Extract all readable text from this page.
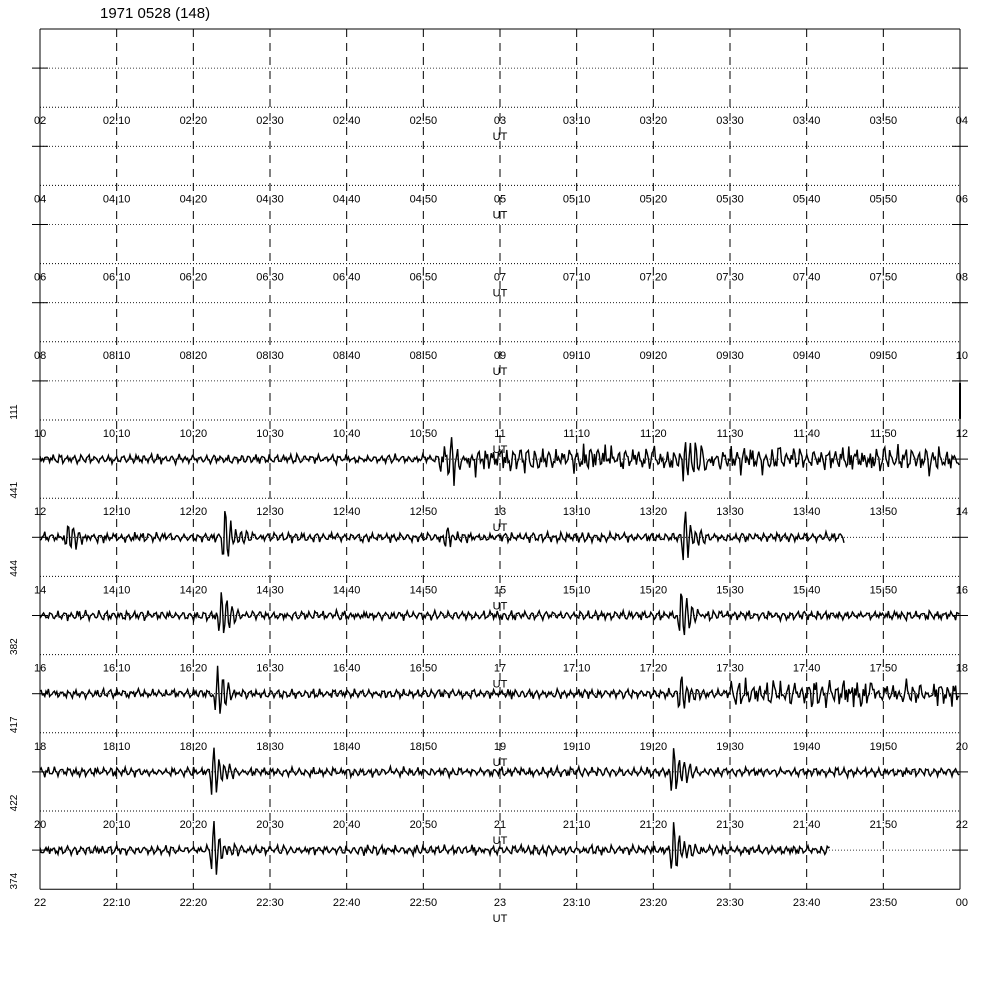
1971 0528 (148)
02	02:10	02:20	02:30	02:40	02:50	03	03:10	03:20	03:30	03:40	03:50	04
UT
04	04:10	04:20	04:30	04:40	04:50	05	05:10	05:20	05:30	05:40	05:50	06
UT
06	06:10	06:20	06:30	06:40	06:50	07	07:10	07:20	07:30	07:40	07:50	08
UT
08	08:10	08:20	08:30	08:40	08:50	09	09:10	09:20	09:30	09:40	09:50	10
UT
111
10	10:10	10:20	10:30	10:40	10:50	11	11:10	11:20	11:30	11:40	11:50	12
UT
441
12	12:10	12:20	12:30	12:40	12:50	13	13:10	13:20	13:30	13:40	13:50	14
UT
444
14	14:10	14:20	14:30	14:40	14:50	15	15:10	15:20	15:30	15:40	15:50	16
UT
382
16	16:10	16:20	16:30	16:40	16:50	17	17:10	17:20	17:30	17:40	17:50	18
UT
417
18	18:10	18:20	18:30	18:40	18:50	19	19:10	19:20	19:30	19:40	19:50	20
UT
422
20	20:10	20:20	20:30	20:40	20:50	21	21:10	21:20	21:30	21:40	21:50	22
UT
374
22	22:10	22:20	22:30	22:40	22:50	23	23:10	23:20	23:30	23:40	23:50	00
UT
